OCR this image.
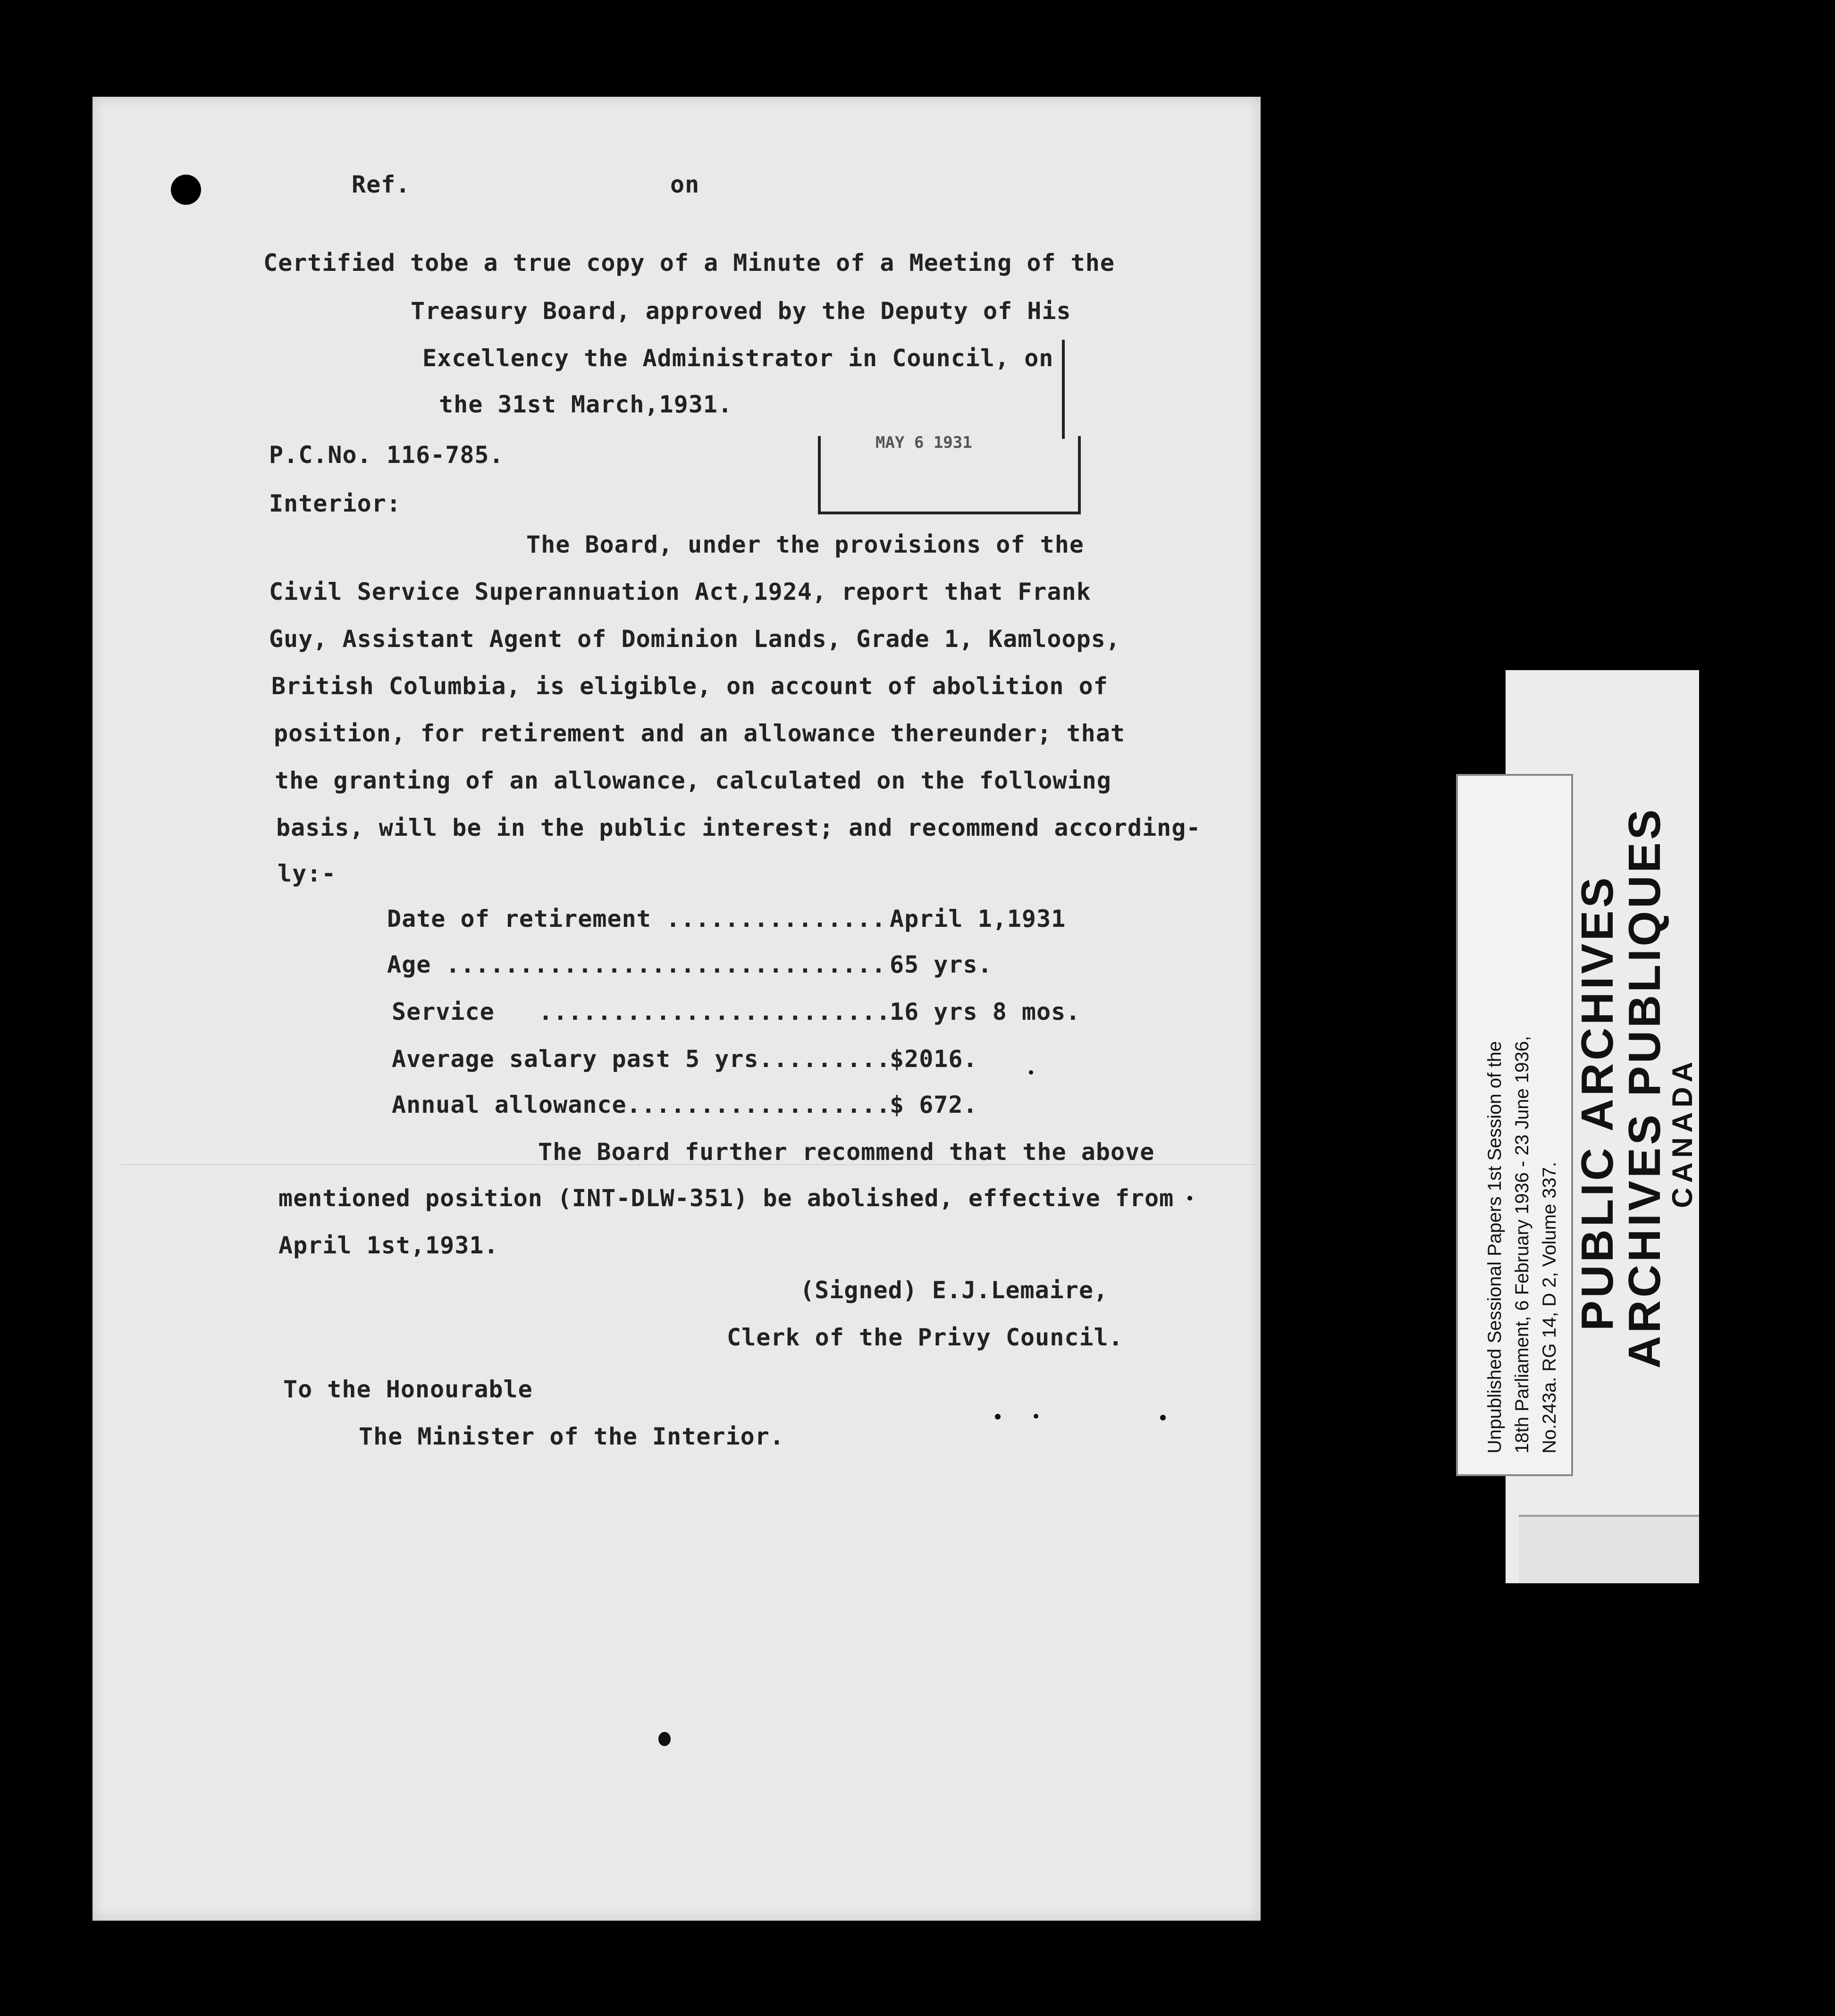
Ref.	on
Certified tobe a true copy of a Minute of a Meeting of the
Treasury Board, approved by the Deputy of His
Excellency the Administrator in Council, on
the 31st March,1931.
MAY 6 1931
P.C.No. 116-785.
Interior:
The Board, under the provisions of the
Civil Service Superannuation Act,1924, report that Frank
Guy, Assistant Agent of Dominion Lands, Grade 1, Kamloops,
British Columbia, is eligible, on account of abolition of
position, for retirement and an allowance thereunder; that
the granting of an allowance, calculated on the following
basis, will be in the public interest; and recommend according-
ly:-
Date of retirement ............... April 1,1931
Age .............................. 65 yrs.
Service   ........................
16 yrs 8 mos.
Average salary past 5 yrs.........
$2016.
Annual allowance..................
$ 672.
The Board further recommend that the above
mentioned position (INT-DLW-351) be abolished, effective from
April 1st,1931.
(Signed) E.J.Lemaire,
Clerk of the Privy Council.
To the Honourable
The Minister of the Interior.	Unpublished Sessional Papers 1st Session of the 18th Parliament, 6 February 1936 - 23 June 1936, No.243a. RG 14, D 2, Volume 337. PUBLIC ARCHIVES
ARCHIVES PUBLIQUES
CANADA
